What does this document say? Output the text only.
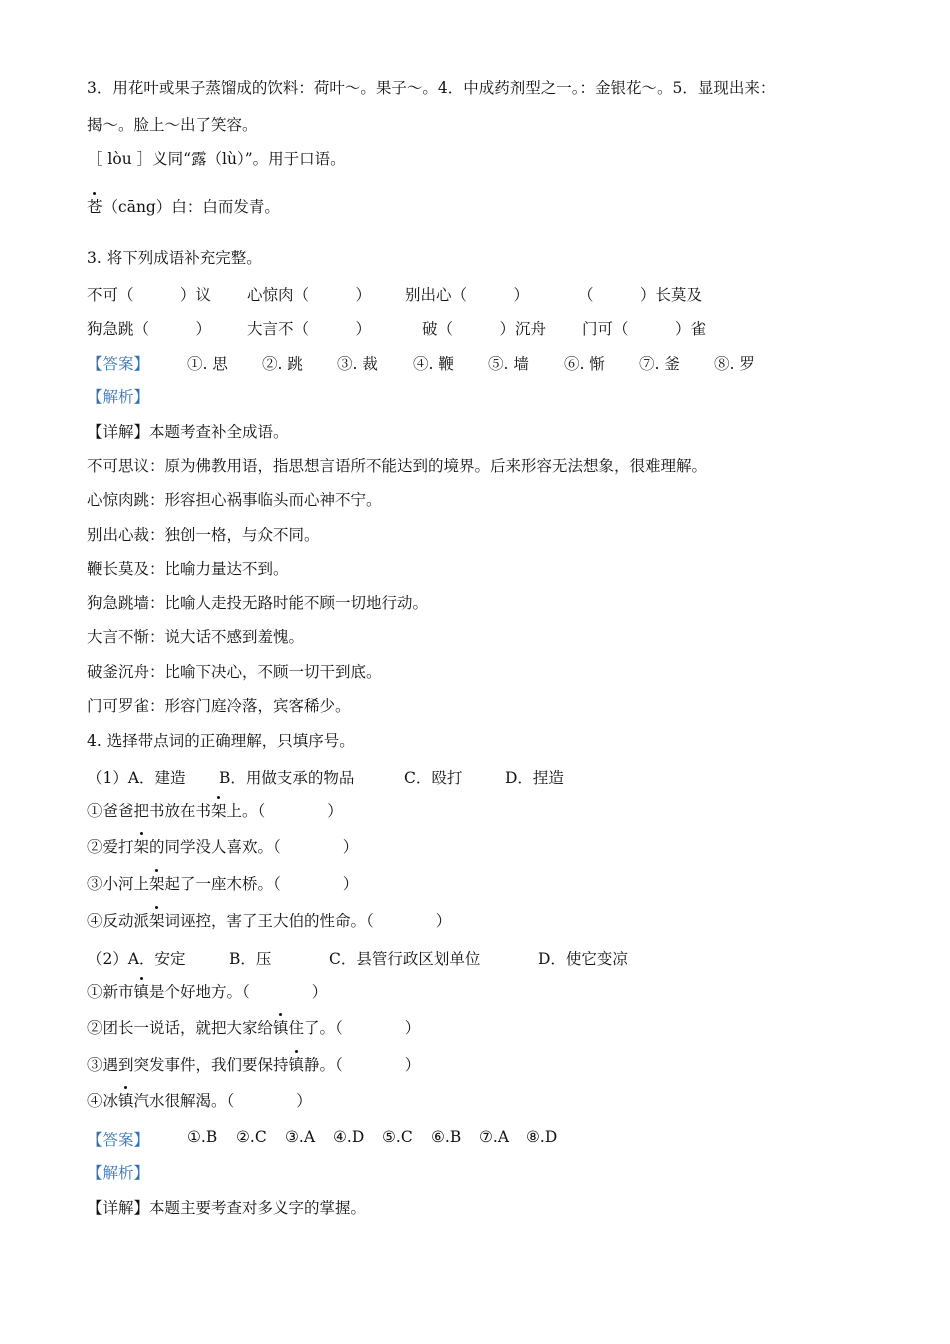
3．用花叶或果子蒸馏成的饮料：荷叶～。果子～。4．中成药剂型之一。：金银花～。5．显现出来：
揭～。脸上～出了笑容。
［ lòu ］义同“露（lù）”。用于口语。
苍（cāng）白：白而发青。
3. 将下列成语补充完整。
不可（　　　）议 心惊肉（　　　） 别出心（　　　）	（　　　）长莫及
狗急跳（　　　） 大言不（　　　）	破（　　　）沉舟 门可（　　　）雀
【答案】 ①. 思 ②. 跳 ③. 裁 ④. 鞭 ⑤. 墙 ⑥. 惭 ⑦. 釜 ⑧. 罗
【解析】
【详解】本题考查补全成语。
不可思议：原为佛教用语，指思想言语所不能达到的境界。后来形容无法想象，很难理解。
心惊肉跳：形容担心祸事临头而心神不宁。
别出心裁：独创一格，与众不同。
鞭长莫及：比喻力量达不到。
狗急跳墙：比喻人走投无路时能不顾一切地行动。
大言不惭：说大话不感到羞愧。
破釜沉舟：比喻下决心，不顾一切干到底。
门可罗雀：形容门庭冷落，宾客稀少。
4. 选择带点词的正确理解，只填序号。
（1）A．建造 B．用做支承的物品	C．殴打	D．捏造
①爸爸把书放在书架上。（　　　　）
②爱打架的同学没人喜欢。（　　　　）
③小河上架起了一座木桥。（　　　　）
④反动派架词诬控，害了王大伯的性命。（　　　　）
（2）A．安定	B．压	C．县管行政区划单位	D．使它变凉
①新市镇是个好地方。（　　　　）
②团长一说话，就把大家给镇住了。（　　　　）
③遇到突发事件，我们要保持镇静。（　　　　）
④冰镇汽水很解渴。（　　　　）
【答案】 ①.B ②.C ③.A ④.D ⑤.C ⑥.B ⑦.A ⑧.D
【解析】
【详解】本题主要考查对多义字的掌握。
